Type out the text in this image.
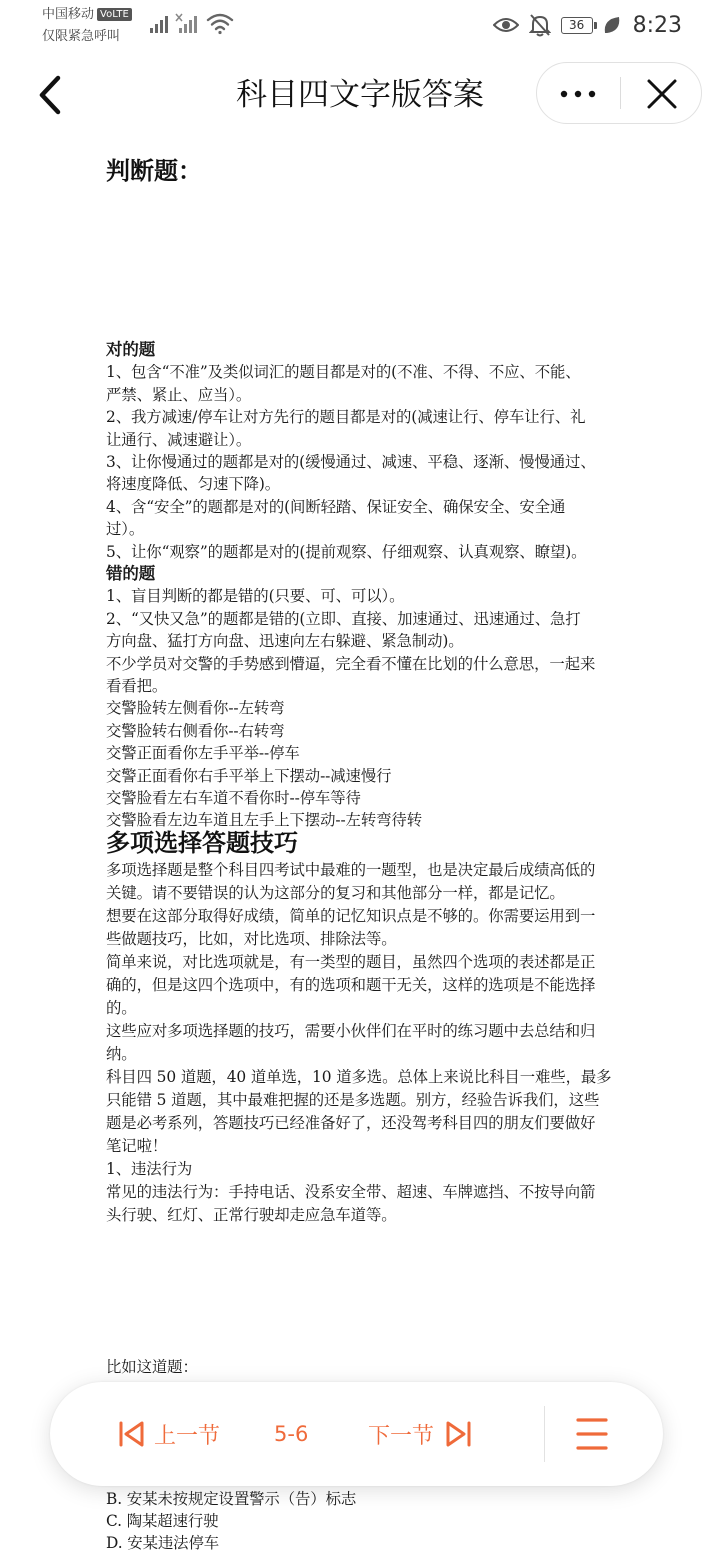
中国移动 VoLTE
仅限紧急呼叫
36	8:23
科目四文字版答案
判断题：
对的题
1、包含“不准”及类似词汇的题目都是对的(不准、不得、不应、不能、
严禁、紧止、应当）。
2、我方减速/停车让对方先行的题目都是对的(减速让行、停车让行、礼
让通行、减速避让）。
3、让你慢通过的题都是对的(缓慢通过、减速、平稳、逐渐、慢慢通过、
将速度降低、匀速下降)。
4、含“安全”的题都是对的(间断轻踏、保证安全、确保安全、安全通
过）。
5、让你“观察”的题都是对的(提前观察、仔细观察、认真观察、瞭望)。
错的题
1、盲目判断的都是错的(只要、可、可以）。
2、“又快又急”的题都是错的(立即、直接、加速通过、迅速通过、急打
方向盘、猛打方向盘、迅速向左右躲避、紧急制动)。
不少学员对交警的手势感到懵逼，完全看不懂在比划的什么意思，一起来
看看把。
交警脸转左侧看你--左转弯
交警脸转右侧看你--右转弯
交警正面看你左手平举--停车
交警正面看你右手平举上下摆动--减速慢行
交警脸看左右车道不看你时--停车等待
交警脸看左边车道且左手上下摆动--左转弯待转
多项选择答题技巧
多项选择题是整个科目四考试中最难的一题型，也是决定最后成绩高低的
关键。请不要错误的认为这部分的复习和其他部分一样，都是记忆。
想要在这部分取得好成绩，简单的记忆知识点是不够的。你需要运用到一
些做题技巧，比如，对比选项、排除法等。
简单来说，对比选项就是，有一类型的题目，虽然四个选项的表述都是正
确的，但是这四个选项中，有的选项和题干无关，这样的选项是不能选择
的。
这些应对多项选择题的技巧，需要小伙伴们在平时的练习题中去总结和归
纳。
科目四 50 道题，40 道单选，10 道多选。总体上来说比科目一难些，最多
只能错 5 道题，其中最难把握的还是多选题。别方，经验告诉我们，这些
题是必考系列，答题技巧已经准备好了，还没驾考科目四的朋友们要做好
笔记啦！
1、违法行为
常见的违法行为：手持电话、没系安全带、超速、车牌遮挡、不按导向箭
头行驶、红灯、正常行驶却走应急车道等。
比如这道题：
B. 安某未按规定设置警示（告）标志
C. 陶某超速行驶
D. 安某违法停车
上一节	5-6	下一节
